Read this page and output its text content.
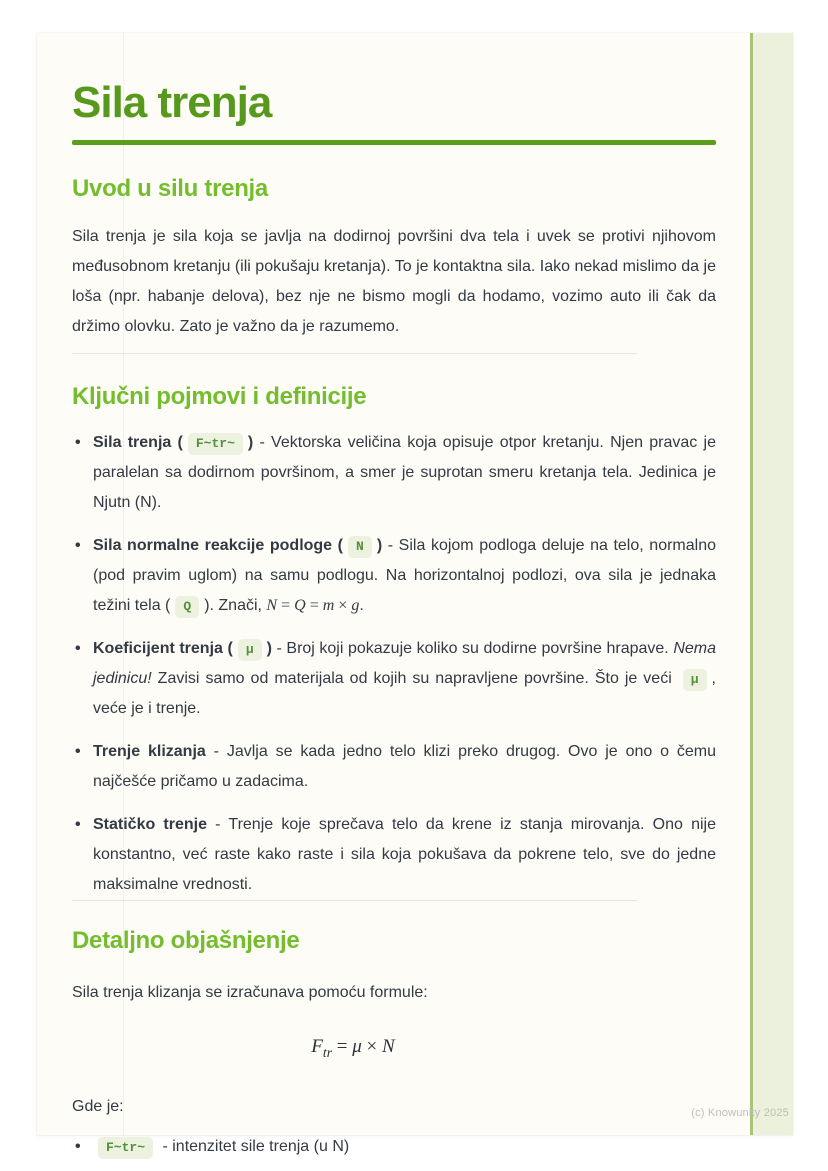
Sila trenja
Uvod u silu trenja

Sila trenja je sila koja se javlja na dodirnoj površini dva tela i uvek se protivi njihovom međusobnom kretanju (ili pokušaju kretanja). To je kontaktna sila. Iako nekad mislimo da je loša (npr. habanje delova), bez nje ne bismo mogli da hodamo, vozimo auto ili čak da držimo olovku. Zato je važno da je razumemo.

Ključni pojmovi i definicije
• Sila trenja ( F~tr~ ) - Vektorska veličina koja opisuje otpor kretanju. Njen pravac je paralelan sa dodirnom površinom, a smer je suprotan smeru kretanja tela. Jedinica je Njutn (N).
• Sila normalne reakcije podloge ( N ) - Sila kojom podloga deluje na telo, normalno (pod pravim uglom) na samu podlogu. Na horizontalnoj podlozi, ova sila je jednaka težini tela ( Q ). Znači, N = Q = m × g.
• Koeficijent trenja ( μ ) - Broj koji pokazuje koliko su dodirne površine hrapave. Nema jedinicu! Zavisi samo od materijala od kojih su napravljene površine. Što je veći μ , veće je i trenje.
• Trenje klizanja - Javlja se kada jedno telo klizi preko drugog. Ovo je ono o čemu najčešće pričamo u zadacima.
• Statičko trenje - Trenje koje sprečava telo da krene iz stanja mirovanja. Ono nije konstantno, već raste kako raste i sila koja pokušava da pokrene telo, sve do jedne maksimalne vrednosti.
Detaljno objašnjenje

Sila trenja klizanja se izračunava pomoću formule:

$F_{tr} = \mu \times N$

Gde je:

• F~tr~ - intenzitet sile trenja (u N)
(c) Knowunity 2025
